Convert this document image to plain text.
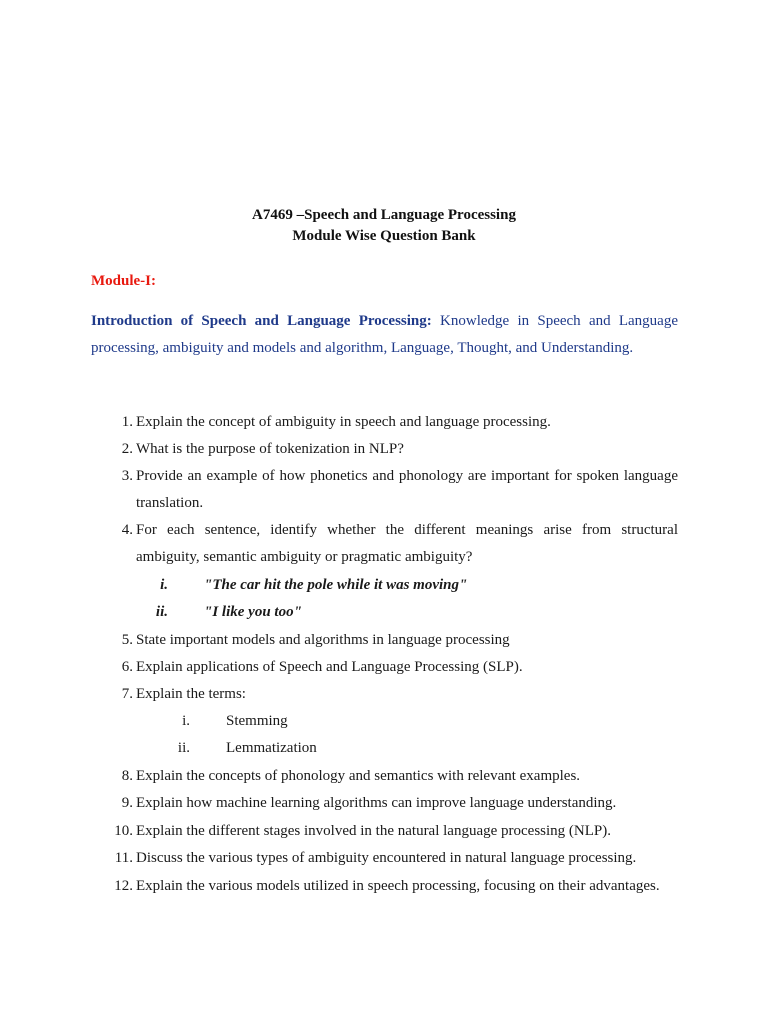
A7469 –Speech and Language Processing
Module Wise Question Bank
Module-I:
Introduction of Speech and Language Processing: Knowledge in Speech and Language processing, ambiguity and models and algorithm, Language, Thought, and Understanding.
1. Explain the concept of ambiguity in speech and language processing.
2. What is the purpose of tokenization in NLP?
3. Provide an example of how phonetics and phonology are important for spoken language translation.
4. For each sentence, identify whether the different meanings arise from structural ambiguity, semantic ambiguity or pragmatic ambiguity?
i. "The car hit the pole while it was moving"
ii. "I like you too"
5. State important models and algorithms in language processing
6. Explain applications of Speech and Language Processing (SLP).
7. Explain the terms:
i. Stemming
ii. Lemmatization
8. Explain the concepts of phonology and semantics with relevant examples.
9. Explain how machine learning algorithms can improve language understanding.
10. Explain the different stages involved in the natural language processing (NLP).
11. Discuss the various types of ambiguity encountered in natural language processing.
12. Explain the various models utilized in speech processing, focusing on their advantages.
